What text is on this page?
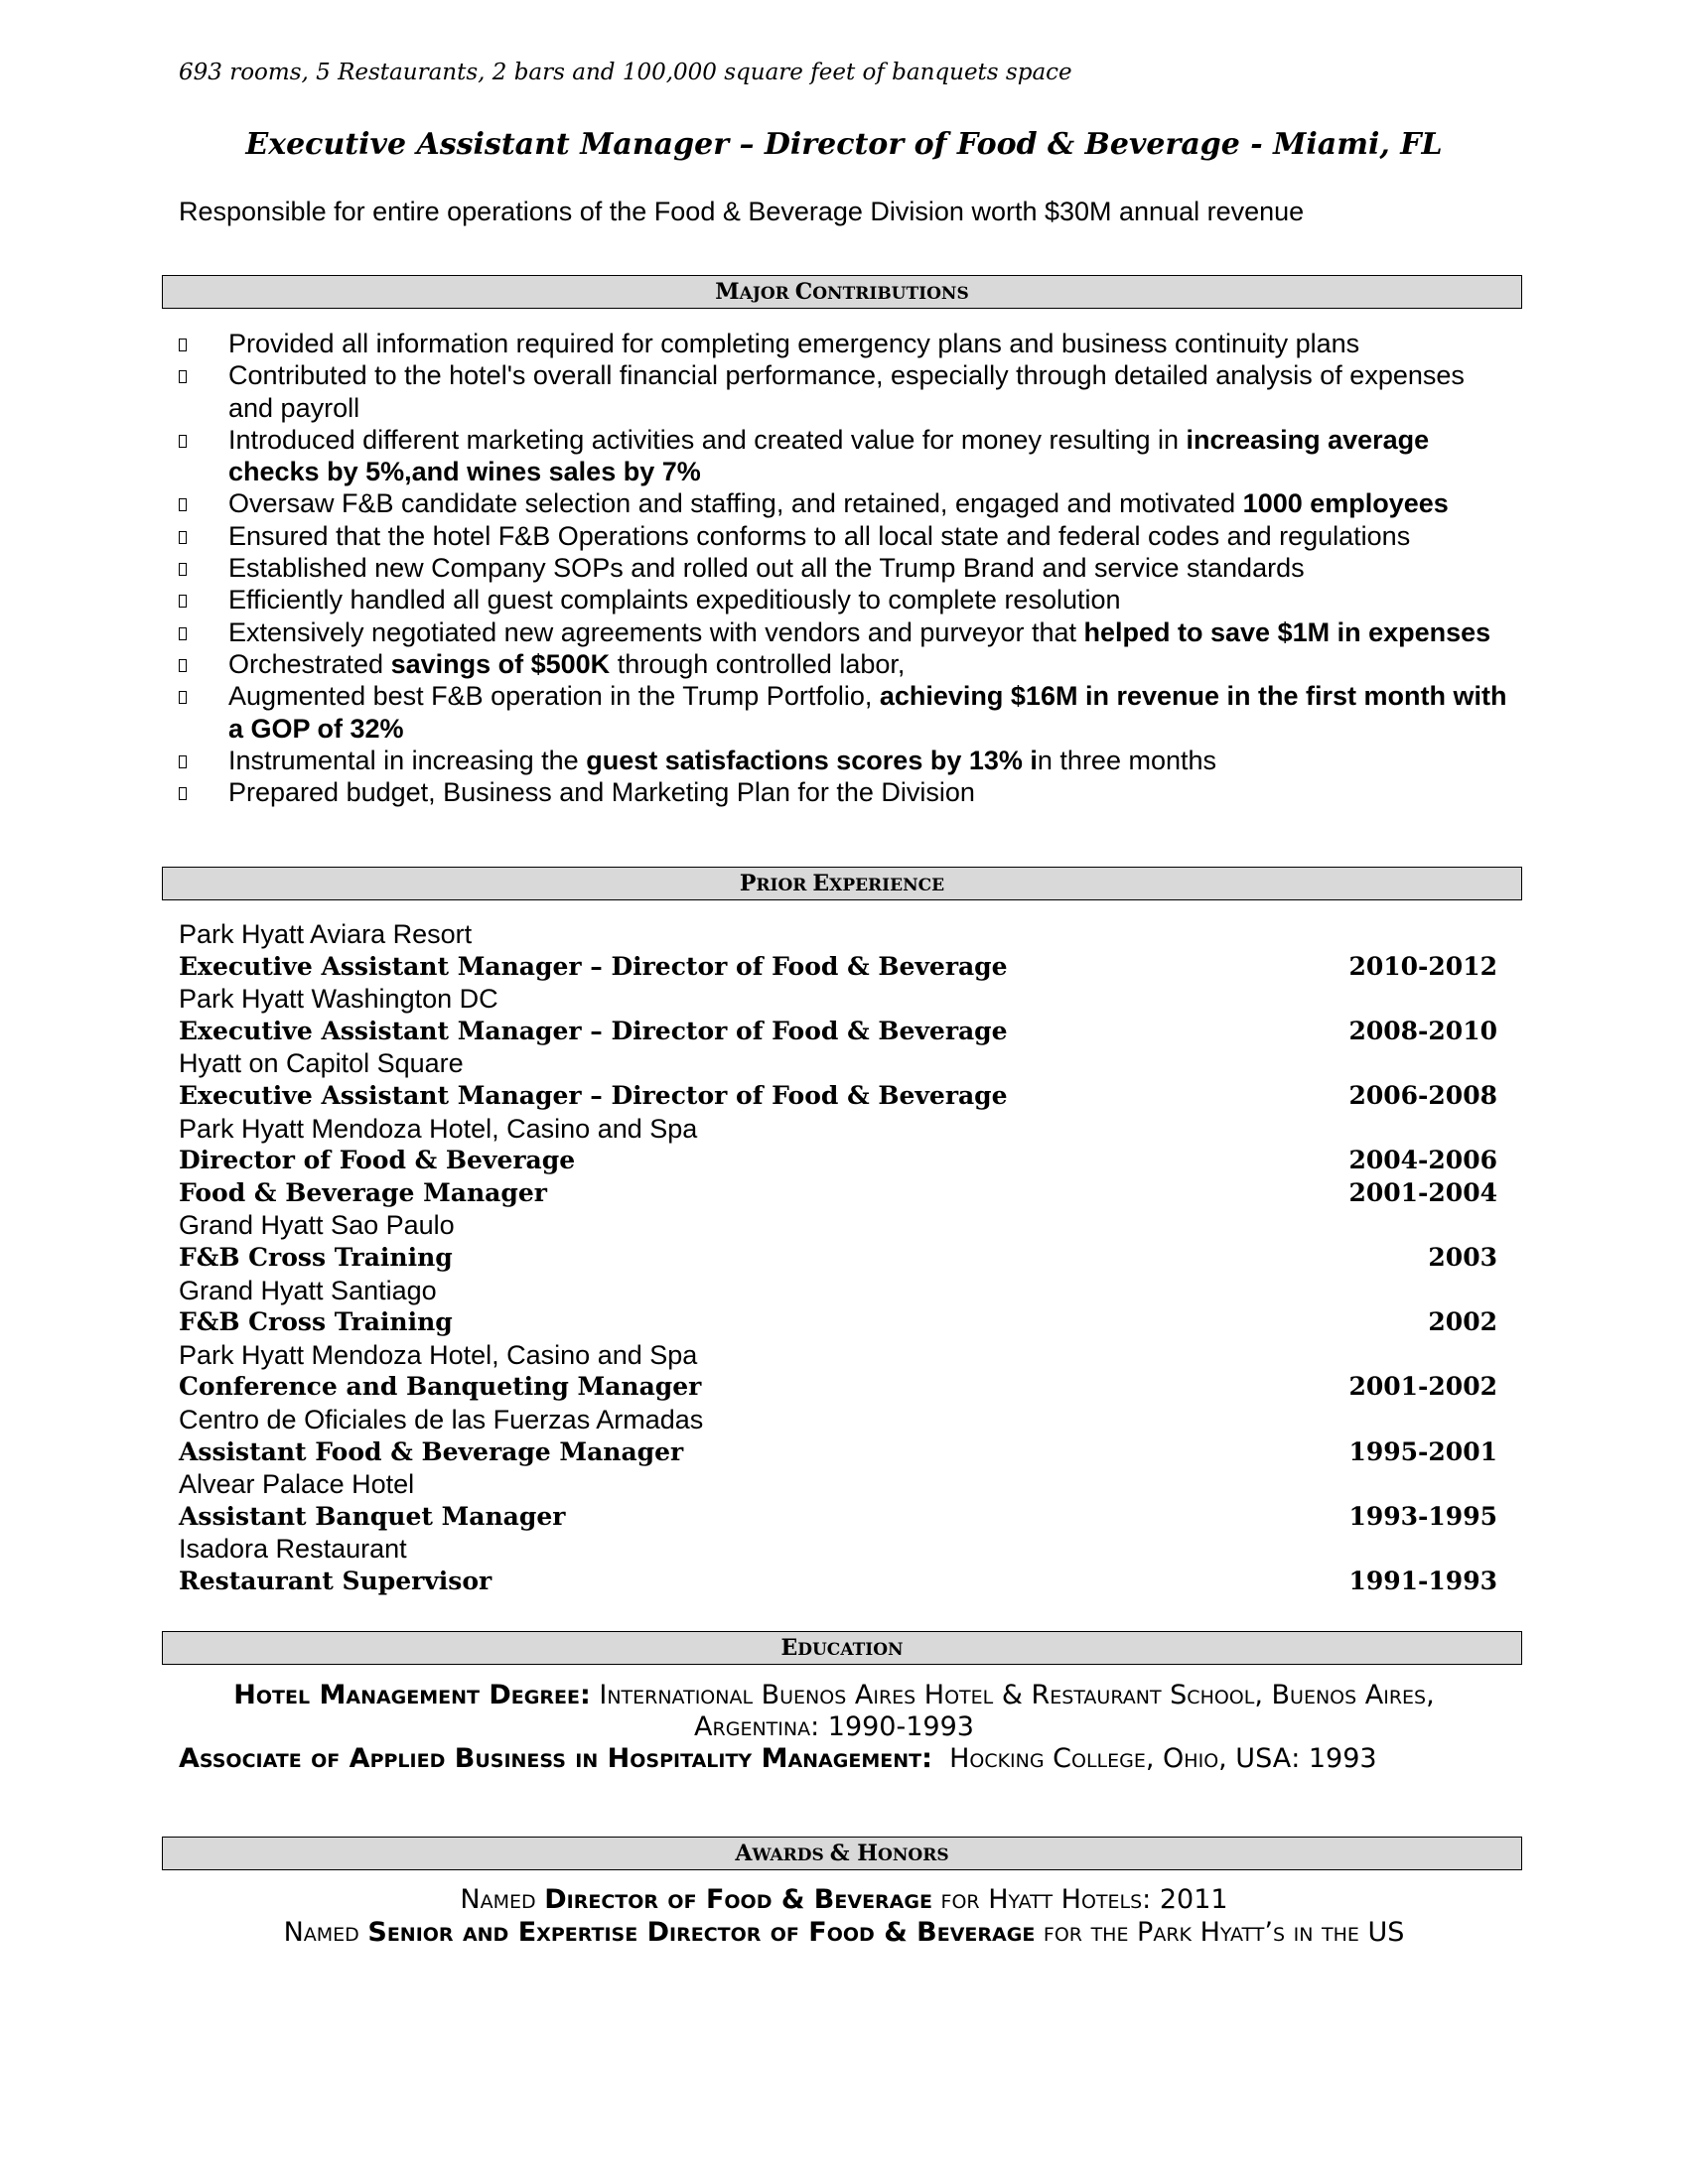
693 rooms, 5 Restaurants, 2 bars and 100,000 square feet of banquets space
Executive Assistant Manager – Director of Food & Beverage - Miami, FL
Responsible for entire operations of the Food & Beverage Division worth $30M annual revenue
MAJOR CONTRIBUTIONS
Provided all information required for completing emergency plans and business continuity plans
Contributed to the hotel's overall financial performance, especially through detailed analysis of expenses and payroll
Introduced different marketing activities and created value for money resulting in increasing average checks by 5%,and wines sales by 7%
Oversaw F&B candidate selection and staffing, and retained, engaged and motivated 1000 employees
Ensured that the hotel F&B Operations conforms to all local state and federal codes and regulations
Established new Company SOPs and rolled out all the Trump Brand and service standards
Efficiently handled all guest complaints expeditiously to complete resolution
Extensively negotiated new agreements with vendors and purveyor that helped to save $1M in expenses
Orchestrated savings of $500K through controlled labor,
Augmented best F&B operation in the Trump Portfolio, achieving $16M in revenue in the first month with a GOP of 32%
Instrumental in increasing the guest satisfactions scores by 13% in three months
Prepared budget, Business and Marketing Plan for the Division
PRIOR EXPERIENCE
Park Hyatt Aviara Resort
Executive Assistant Manager – Director of Food & Beverage	2010-2012
Park Hyatt Washington DC
Executive Assistant Manager – Director of Food & Beverage	2008-2010
Hyatt on Capitol Square
Executive Assistant Manager – Director of Food & Beverage	2006-2008
Park Hyatt Mendoza Hotel, Casino and Spa
Director of Food & Beverage	2004-2006
Food & Beverage Manager	2001-2004
Grand Hyatt Sao Paulo
F&B Cross Training	2003
Grand Hyatt Santiago
F&B Cross Training	2002
Park Hyatt Mendoza Hotel, Casino and Spa
Conference and Banqueting Manager	2001-2002
Centro de Oficiales de las Fuerzas Armadas
Assistant Food & Beverage Manager	1995-2001
Alvear Palace Hotel
Assistant Banquet Manager	1993-1995
Isadora Restaurant
Restaurant Supervisor	1991-1993
EDUCATION
Hotel Management Degree: International Buenos Aires Hotel & Restaurant School, Buenos Aires, Argentina: 1990-1993
Associate of Applied Business in Hospitality Management: Hocking College, Ohio, USA: 1993
AWARDS & HONORS
Named Director of Food & Beverage for Hyatt Hotels: 2011
Named Senior and Expertise Director of Food & Beverage for the Park Hyatt’s in the US
